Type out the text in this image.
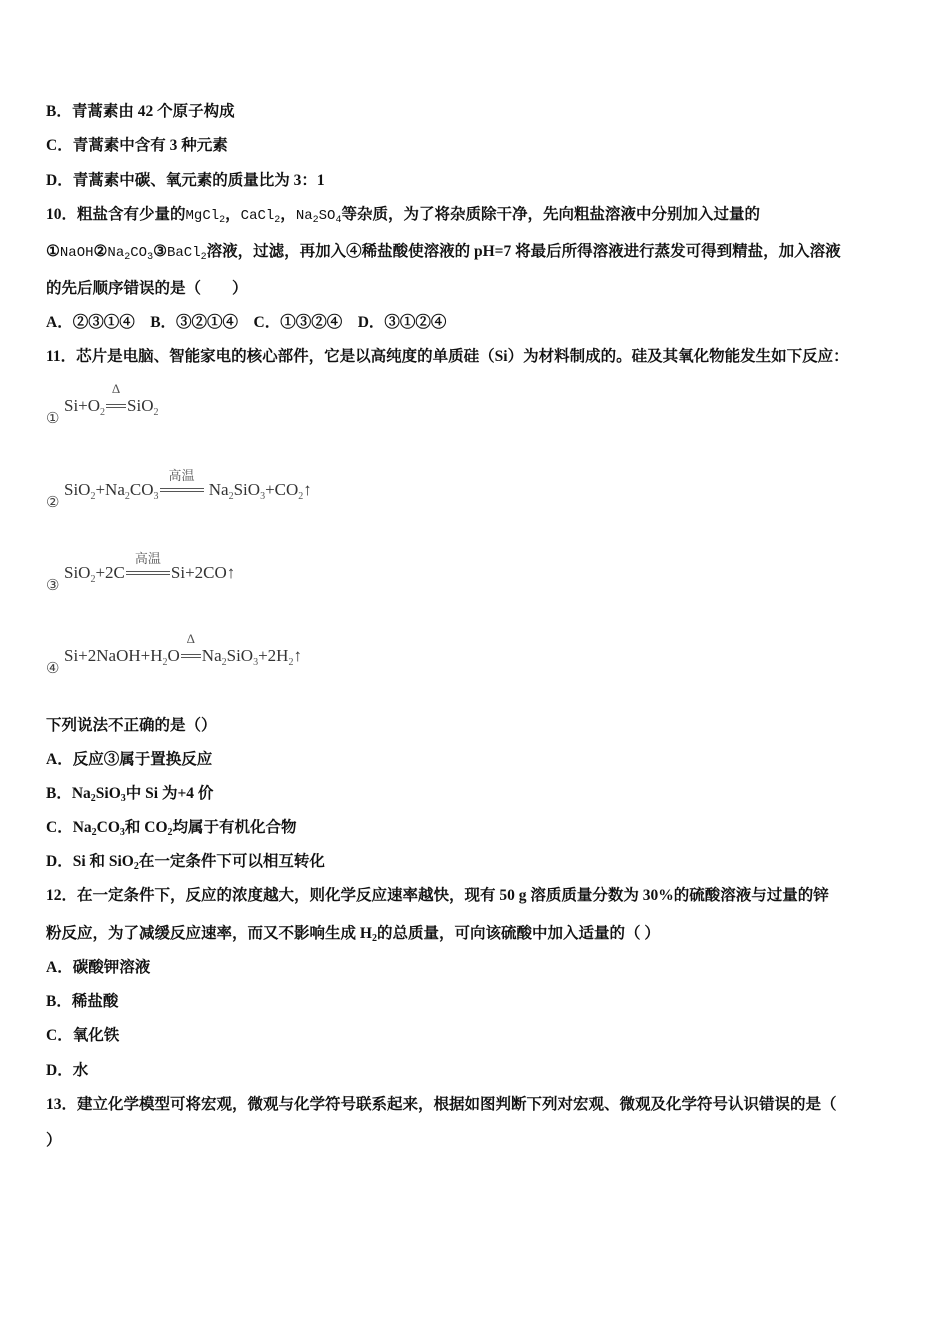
B．青蒿素由 42 个原子构成
C．青蒿素中含有 3 种元素
D．青蒿素中碳、氧元素的质量比为 3：1
10．粗盐含有少量的MgCl$_2$，CaCl$_2$，$Na_2SO_4$等杂质，为了将杂质除干净，先向粗盐溶液中分别加入过量的
$①NaOH②Na_2CO_3③BaCl_2$溶液，过滤，再加入④稀盐酸使溶液的 pH=7 将最后所得溶液进行蒸发可得到精盐，加入溶液
的先后顺序错误的是（　　）
A．②③①④　B．③②①④　C．①③②④　D．③①②④
11．芯片是电脑、智能家电的核心部件，它是以高纯度的单质硅（Si）为材料制成的。硅及其氧化物能发生如下反应：
①
$Si+O_2$
Δ
SiO$_2$
②
$SiO_2+Na_2CO_3$
高温
$Na_2SiO_3+CO_2↑$
③
SiO$_2$+2C
高温
Si+2CO↑
④
$Si+2NaOH+H_2O$
Δ
$Na_2SiO_3+2H_2↑$
下列说法不正确的是（）
A．反应③属于置换反应
B．$Na_2SiO_3$中 Si 为+4 价
C．$Na_2CO_3$和 $CO_2$均属于有机化合物
D．Si 和 SiO$_2$在一定条件下可以相互转化
12．在一定条件下，反应的浓度越大，则化学反应速率越快，现有 50 g 溶质质量分数为 30%的硫酸溶液与过量的锌
粉反应，为了减缓反应速率，而又不影响生成 $H_2$的总质量，可向该硫酸中加入适量的（ ）
A．碳酸钾溶液
B．稀盐酸
C．氧化铁
D．水
13．建立化学模型可将宏观，微观与化学符号联系起来，根据如图判断下列对宏观、微观及化学符号认识错误的是（
）
